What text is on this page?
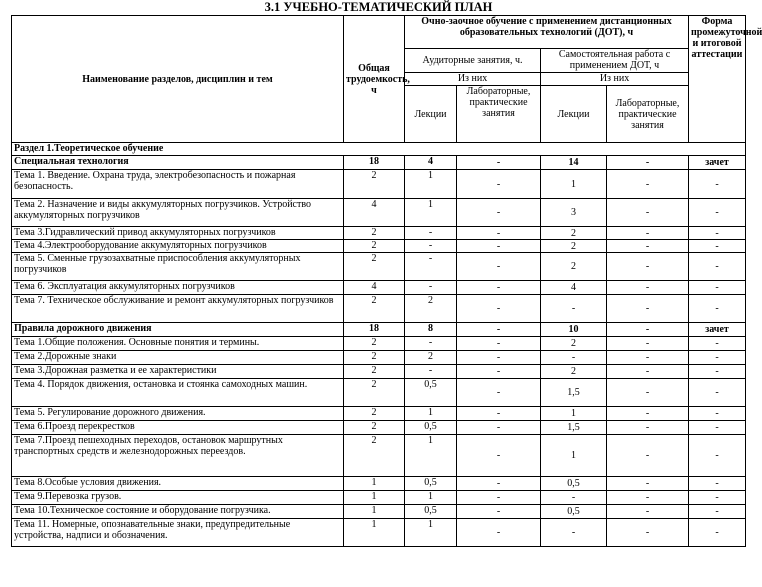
3.1 УЧЕБНО-ТЕМАТИЧЕСКИЙ ПЛАН
Наименование разделов, дисциплин и тем	Общая трудоемкость, ч	Очно-заочное обучение с применением дистанционных образовательных технологий (ДОТ), ч				Форма промежуточной и итоговой аттестации
		Аудиторные занятия, ч.		Самостоятельная работа с применением ДОТ, ч		
		Из них		Из них		
		Лекции	Лабораторные, практические занятия	Лекции	Лабораторные, практические занятия	
Раздел 1.Теоретическое обучение						
Специальная технология	18	4	-	14	-	зачет
Тема 1. Введение. Охрана труда, электробезопасность и пожарная безопасность.	2	1	-	1	-	-
Тема 2. Назначение и виды аккумуляторных погрузчиков. Устройство аккумуляторных погрузчиков	4	1	-	3	-	-
Тема 3.Гидравлический привод аккумуляторных погрузчиков	2	-	-	2	-	-
Тема 4.Электрооборудование аккумуляторных погрузчиков	2	-	-	2	-	-
Тема 5. Сменные грузозахватные приспособления аккумуляторных погрузчиков	2	-	-	2	-	-
Тема 6. Эксплуатация аккумуляторных погрузчиков	4	-	-	4	-	-
Тема 7. Техническое обслуживание и ремонт аккумуляторных погрузчиков	2	2	-	-	-	-
Правила дорожного движения	18	8	-	10	-	зачет
Тема 1.Общие положения. Основные понятия и термины.	2	-	-	2	-	-
Тема 2.Дорожные знаки	2	2	-	-	-	-
Тема 3.Дорожная разметка и ее характеристики	2	-	-	2	-	-
Тема 4. Порядок движения, остановка и стоянка самоходных машин.	2	0,5	-	1,5	-	-
Тема 5. Регулирование дорожного движения.	2	1	-	1	-	-
Тема 6.Проезд перекрестков	2	0,5	-	1,5	-	-
Тема 7.Проезд пешеходных переходов, остановок маршрутных транспортных средств и железнодорожных переездов.	2	1	-	1	-	-
Тема 8.Особые условия движения.	1	0,5	-	0,5	-	-
Тема 9.Перевозка грузов.	1	1	-	-	-	-
Тема 10.Техническое состояние и оборудование погрузчика.	1	0,5	-	0,5	-	-
Тема 11. Номерные, опознавательные знаки, предупредительные устройства, надписи и обозначения.	1	1	-	-	-	-
